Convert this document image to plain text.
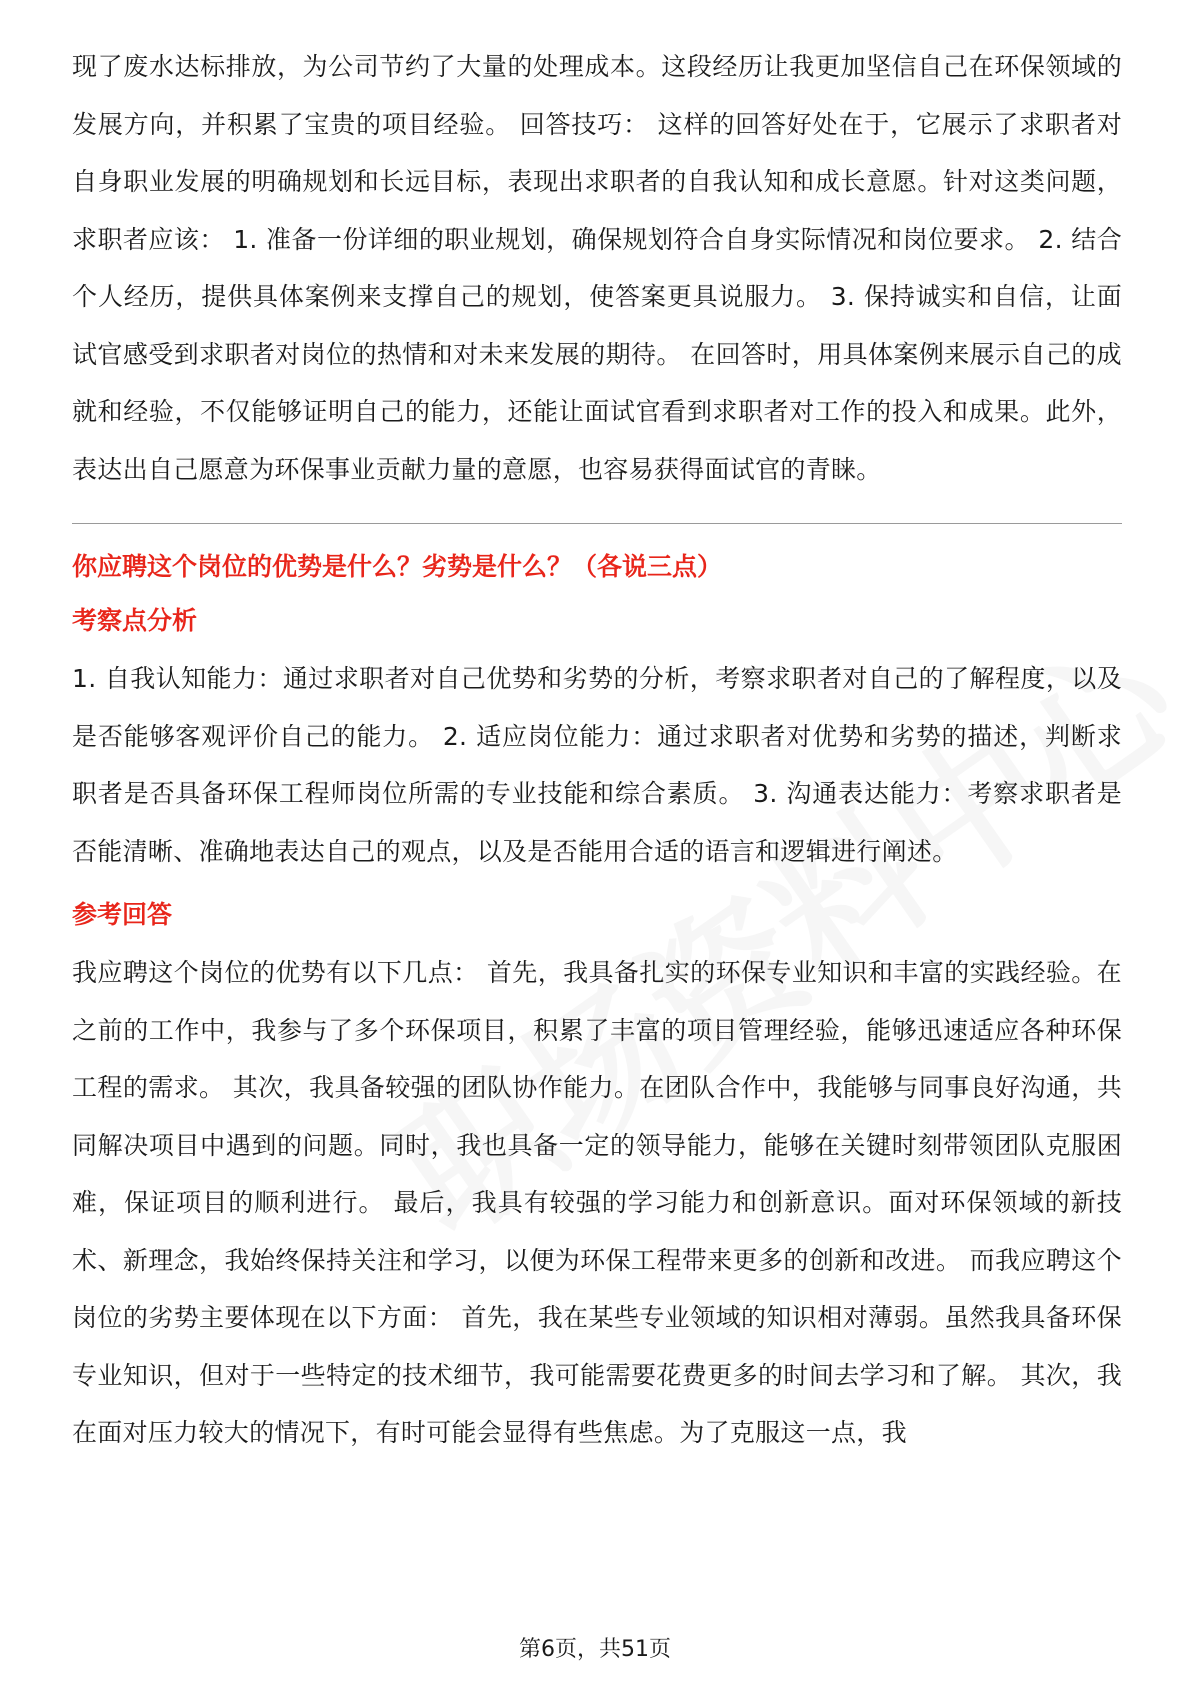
现了废水达标排放，为公司节约了大量的处理成本。这段经历让我更加坚信自己在环保领域的发展方向，并积累了宝贵的项目经验。 回答技巧： 这样的回答好处在于，它展示了求职者对自身职业发展的明确规划和长远目标，表现出求职者的自我认知和成长意愿。针对这类问题，求职者应该： 1. 准备一份详细的职业规划，确保规划符合自身实际情况和岗位要求。 2. 结合个人经历，提供具体案例来支撑自己的规划，使答案更具说服力。 3. 保持诚实和自信，让面试官感受到求职者对岗位的热情和对未来发展的期待。 在回答时，用具体案例来展示自己的成就和经验，不仅能够证明自己的能力，还能让面试官看到求职者对工作的投入和成果。此外，表达出自己愿意为环保事业贡献力量的意愿，也容易获得面试官的青睐。

你应聘这个岗位的优势是什么？劣势是什么？（各说三点）

考察点分析

1. 自我认知能力：通过求职者对自己优势和劣势的分析，考察求职者对自己的了解程度，以及是否能够客观评价自己的能力。 2. 适应岗位能力：通过求职者对优势和劣势的描述，判断求职者是否具备环保工程师岗位所需的专业技能和综合素质。 3. 沟通表达能力：考察求职者是否能清晰、准确地表达自己的观点，以及是否能用合适的语言和逻辑进行阐述。

参考回答

我应聘这个岗位的优势有以下几点： 首先，我具备扎实的环保专业知识和丰富的实践经验。在之前的工作中，我参与了多个环保项目，积累了丰富的项目管理经验，能够迅速适应各种环保工程的需求。 其次，我具备较强的团队协作能力。在团队合作中，我能够与同事良好沟通，共同解决项目中遇到的问题。同时，我也具备一定的领导能力，能够在关键时刻带领团队克服困难，保证项目的顺利进行。 最后，我具有较强的学习能力和创新意识。面对环保领域的新技术、新理念，我始终保持关注和学习，以便为环保工程带来更多的创新和改进。 而我应聘这个岗位的劣势主要体现在以下方面： 首先，我在某些专业领域的知识相对薄弱。虽然我具备环保专业知识，但对于一些特定的技术细节，我可能需要花费更多的时间去学习和了解。 其次，我在面对压力较大的情况下，有时可能会显得有些焦虑。为了克服这一点，我

第6页，共51页
